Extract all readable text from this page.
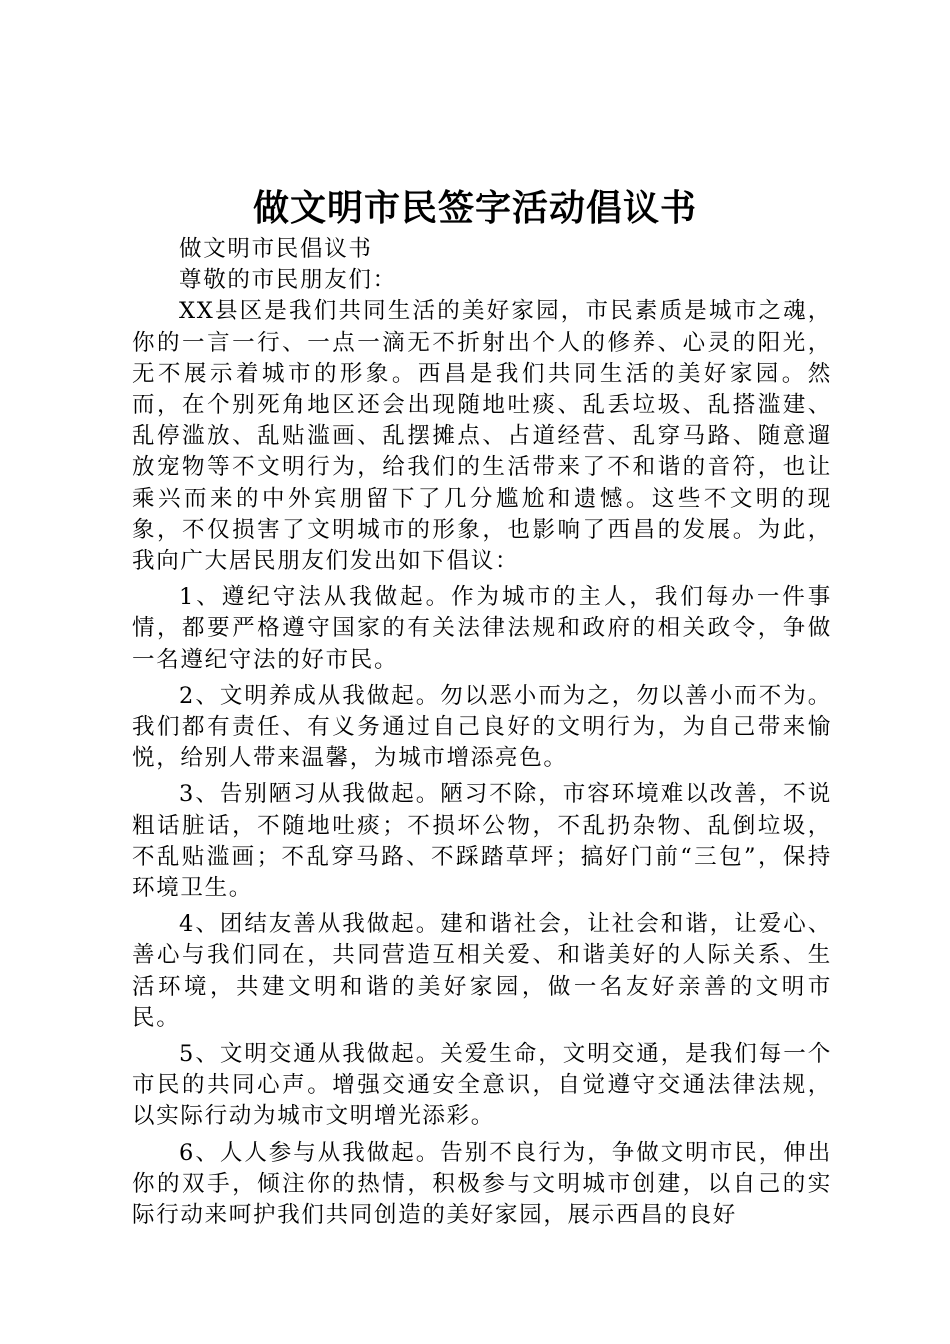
做文明市民签字活动倡议书

做文明市民倡议书

尊敬的市民朋友们：

XX县区是我们共同生活的美好家园，市民素质是城市之魂，你的一言一行、一点一滴无不折射出个人的修养、心灵的阳光，无不展示着城市的形象。西昌是我们共同生活的美好家园。然而，在个别死角地区还会出现随地吐痰、乱丢垃圾、乱搭滥建、乱停滥放、乱贴滥画、乱摆摊点、占道经营、乱穿马路、随意遛放宠物等不文明行为，给我们的生活带来了不和谐的音符，也让乘兴而来的中外宾朋留下了几分尴尬和遗憾。这些不文明的现象，不仅损害了文明城市的形象，也影响了西昌的发展。为此，我向广大居民朋友们发出如下倡议：

1、遵纪守法从我做起。作为城市的主人，我们每办一件事情，都要严格遵守国家的有关法律法规和政府的相关政令，争做一名遵纪守法的好市民。

2、文明养成从我做起。勿以恶小而为之，勿以善小而不为。我们都有责任、有义务通过自己良好的文明行为，为自己带来愉悦，给别人带来温馨，为城市增添亮色。

3、告别陋习从我做起。陋习不除，市容环境难以改善，不说粗话脏话，不随地吐痰；不损坏公物，不乱扔杂物、乱倒垃圾，不乱贴滥画；不乱穿马路、不踩踏草坪；搞好门前“三包”，保持环境卫生。

4、团结友善从我做起。建和谐社会，让社会和谐，让爱心、善心与我们同在，共同营造互相关爱、和谐美好的人际关系、生活环境，共建文明和谐的美好家园，做一名友好亲善的文明市民。

5、文明交通从我做起。关爱生命，文明交通，是我们每一个市民的共同心声。增强交通安全意识，自觉遵守交通法律法规，以实际行动为城市文明增光添彩。

6、人人参与从我做起。告别不良行为，争做文明市民，伸出你的双手，倾注你的热情，积极参与文明城市创建，以自己的实际行动来呵护我们共同创造的美好家园，展示西昌的良好
